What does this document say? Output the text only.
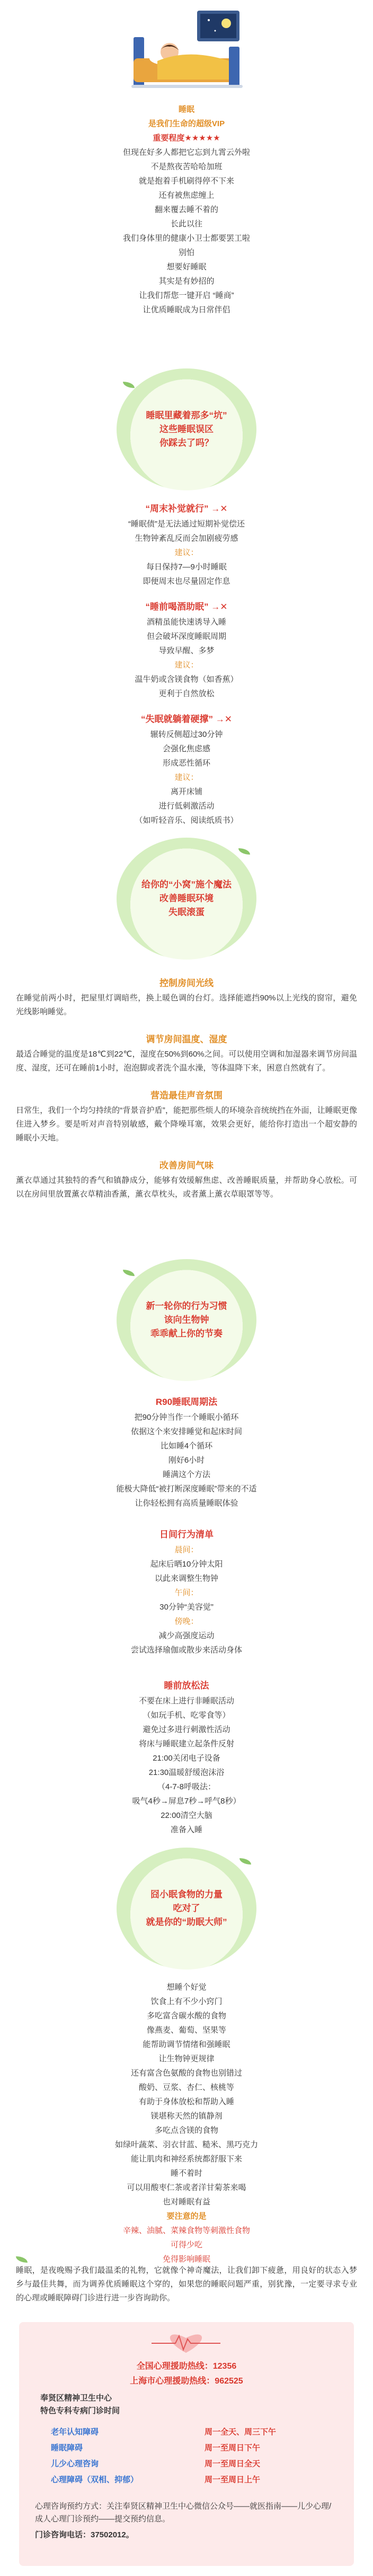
睡眠
是我们生命的超级VIP
重要程度★★★★★
但现在好多人都把它忘到九霄云外啦
不是熬夜苦哈哈加班
就是抱着手机刷得停不下来
还有被焦虑缠上
翻来覆去睡不着的
长此以往
我们身体里的健康小卫士都要罢工啦
别怕
想要好睡眠
其实是有妙招的
让我们帮您一键开启 “睡商”
让优质睡眠成为日常伴侣
睡眠里藏着那多“坑”
这些睡眠误区
你踩去了吗？
“周末补觉就行” →✕
“睡眠债”是无法通过短期补觉偿还
生物钟紊乱反而会加剧疲劳感
建议：
每日保持7—9小时睡眠
即便周末也尽量固定作息
“睡前喝酒助眠” →✕
酒精虽能快速诱导入睡
但会破坏深度睡眠周期
导致早醒、多梦
建议：
温牛奶或含镁食物（如香蕉）
更利于自然放松
“失眠就躺着硬撑” →✕
辗转反侧超过30分钟
会强化焦虑感
形成恶性循环
建议：
离开床铺
进行低刺激活动
（如听轻音乐、阅读纸质书）
给你的“小窝”施个魔法
改善睡眠环境
失眠滚蛋
控制房间光线
在睡觉前两小时，把屋里灯调暗些，换上暖色调的台灯。选择能遮挡90%以上光线的窗帘，避免光线影响睡觉。
调节房间温度、湿度
最适合睡觉的温度是18℃到22℃，湿度在50%到60%之间。可以使用空调和加湿器来调节房间温度、湿度，还可在睡前1小时，泡泡脚或者洗个温水澡，等体温降下来，困意自然就有了。
营造最佳声音氛围
日常生，我们一个均匀持续的“背景音护盾”，能把那些烦人的环境杂音统统挡在外面，让睡眠更像住进入梦乡。要是听对声音特别敏感，戴个降噪耳塞，效果会更好，能给你打造出一个超安静的睡眠小天地。
改善房间气味
薰衣草通过其独特的香气和镇静成分，能够有效缓解焦虑、改善睡眠质量，并帮助身心放松。可以在房间里放置薰衣草精油香薰，薰衣草枕头，或者薰上薰衣草眼罩等等。
新一轮你的行为习惯
该向生物钟
乖乖献上你的节奏
R90睡眠周期法
把90分钟当作一个睡眠小循环
依据这个来安排睡觉和起床时间
比如睡4个循环
刚好6小时
睡满这个方法
能极大降低“被打断深度睡眠”带来的不适
让你轻松拥有高质量睡眠体验
日间行为清单
晨间：
起床后晒10分钟太阳
以此来调整生物钟
午间：
30分钟“美容觉”
傍晚：
减少高强度运动
尝试选择瑜伽或散步来活动身体
睡前放松法
不要在床上进行非睡眠活动
（如玩手机、吃零食等）
避免过多进行刺激性活动
将床与睡眠建立起条件反射
21:00关闭电子设备
21:30温暖舒缓泡沫浴
（4-7-8呼吸法：
吸气4秒→屏息7秒→呼气8秒）
22:00清空大脑
准备入睡
囧小眠食物的力量
吃对了
就是你的“助眠大师”
想睡个好觉
饮食上有不少小窍门
多吃富含碳水酸的食物
像燕麦、葡萄、坚果等
能帮助调节情绪和强睡眠
让生物钟更规律
还有富含色氨酸的食物也别错过
酸奶、豆浆、杏仁、核桃等
有助于身体放松和帮助入睡
镁堪称天然的镇静剂
多吃点含镁的食物
如绿叶蔬菜、羽衣甘蓝、糙米、黑巧克力
能让肌肉和神经系统都舒服下来
睡不着时
可以用酸枣仁茶或者洋甘菊茶来喝
也对睡眠有益
要注意的是
辛辣、油腻、菜辣食物等刺激性食物
可得少吃
免得影响睡眠
睡眠，是夜晚赐予我们最温柔的礼物，它就像个神奇魔法，让我们卸下疲惫，用良好的状态入梦乡与最佳共舞，而为调养优质睡眠这个穿的，如果您的睡眠问题严重，别犹豫，一定要寻求专业的心理或睡眠障碍门诊进行进一步咨询助你。
全国心理援助热线：12356
上海市心理援助热线：962525
奉贤区精神卫生中心
特色专科专病门诊时间
老年认知障碍	周一全天、周三下午
睡眠障碍	周一至周日下午
儿少心理咨询	周一至周日全天
心理障碍（双相、抑郁）	周一至周日上午
心理咨询预约方式：关注奉贤区精神卫生中心微信公众号——就医指南——儿少心理/成人心理门诊预约——提交预约信息。
门诊咨询电话：37502012。
